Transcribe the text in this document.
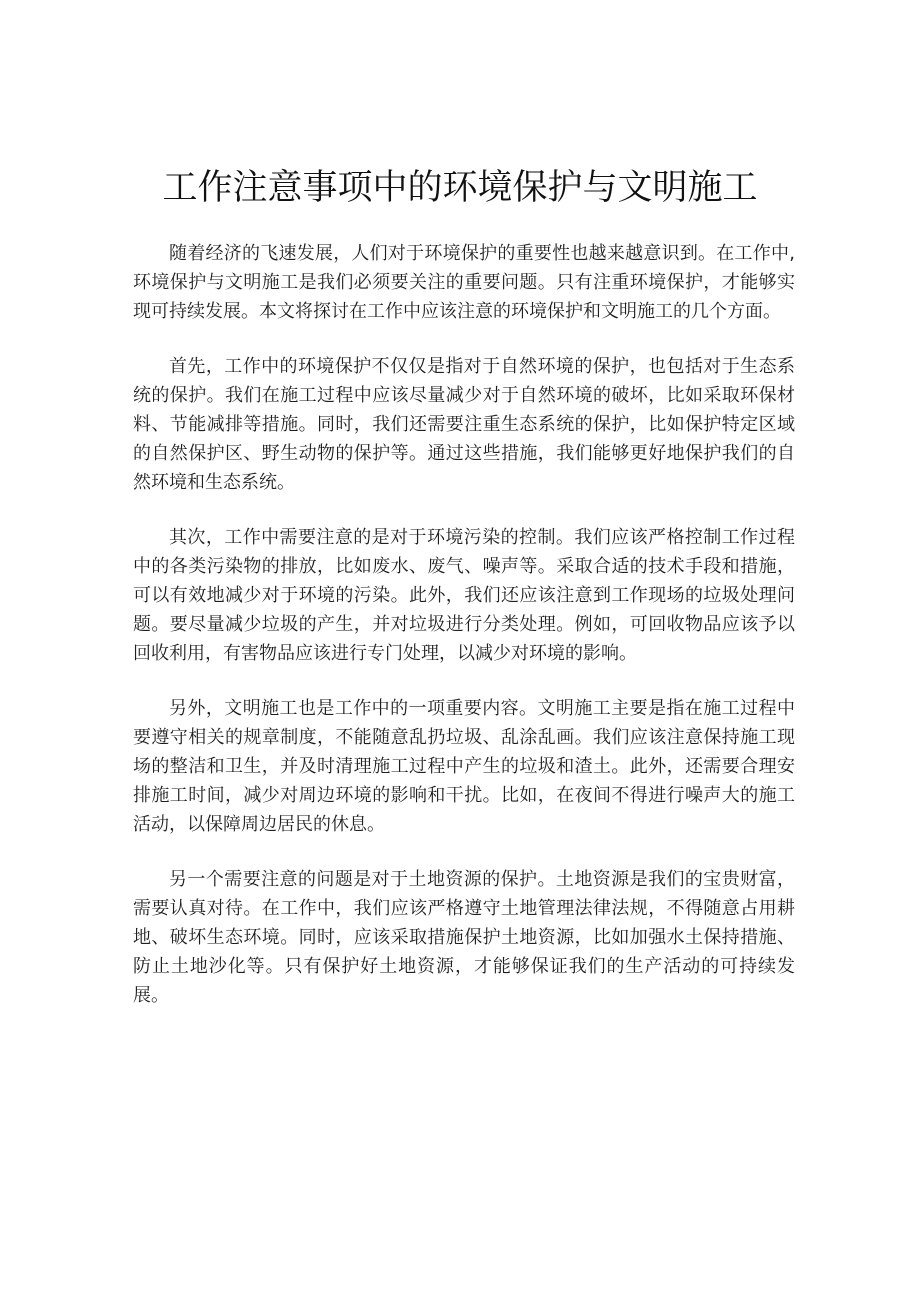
工作注意事项中的环境保护与文明施工

随着经济的飞速发展，人们对于环境保护的重要性也越来越意识到。在工作中,环境保护与文明施工是我们必须要关注的重要问题。只有注重环境保护，才能够实现可持续发展。本文将探讨在工作中应该注意的环境保护和文明施工的几个方面。

首先，工作中的环境保护不仅仅是指对于自然环境的保护，也包括对于生态系统的保护。我们在施工过程中应该尽量减少对于自然环境的破坏，比如采取环保材料、节能减排等措施。同时，我们还需要注重生态系统的保护，比如保护特定区域的自然保护区、野生动物的保护等。通过这些措施，我们能够更好地保护我们的自然环境和生态系统。

其次，工作中需要注意的是对于环境污染的控制。我们应该严格控制工作过程中的各类污染物的排放，比如废水、废气、噪声等。采取合适的技术手段和措施，可以有效地减少对于环境的污染。此外，我们还应该注意到工作现场的垃圾处理问题。要尽量减少垃圾的产生，并对垃圾进行分类处理。例如，可回收物品应该予以回收利用，有害物品应该进行专门处理，以减少对环境的影响。

另外，文明施工也是工作中的一项重要内容。文明施工主要是指在施工过程中要遵守相关的规章制度，不能随意乱扔垃圾、乱涂乱画。我们应该注意保持施工现场的整洁和卫生，并及时清理施工过程中产生的垃圾和渣土。此外，还需要合理安排施工时间，减少对周边环境的影响和干扰。比如，在夜间不得进行噪声大的施工活动，以保障周边居民的休息。

另一个需要注意的问题是对于土地资源的保护。土地资源是我们的宝贵财富，需要认真对待。在工作中，我们应该严格遵守土地管理法律法规，不得随意占用耕地、破坏生态环境。同时，应该采取措施保护土地资源，比如加强水土保持措施、防止土地沙化等。只有保护好土地资源，才能够保证我们的生产活动的可持续发展。
